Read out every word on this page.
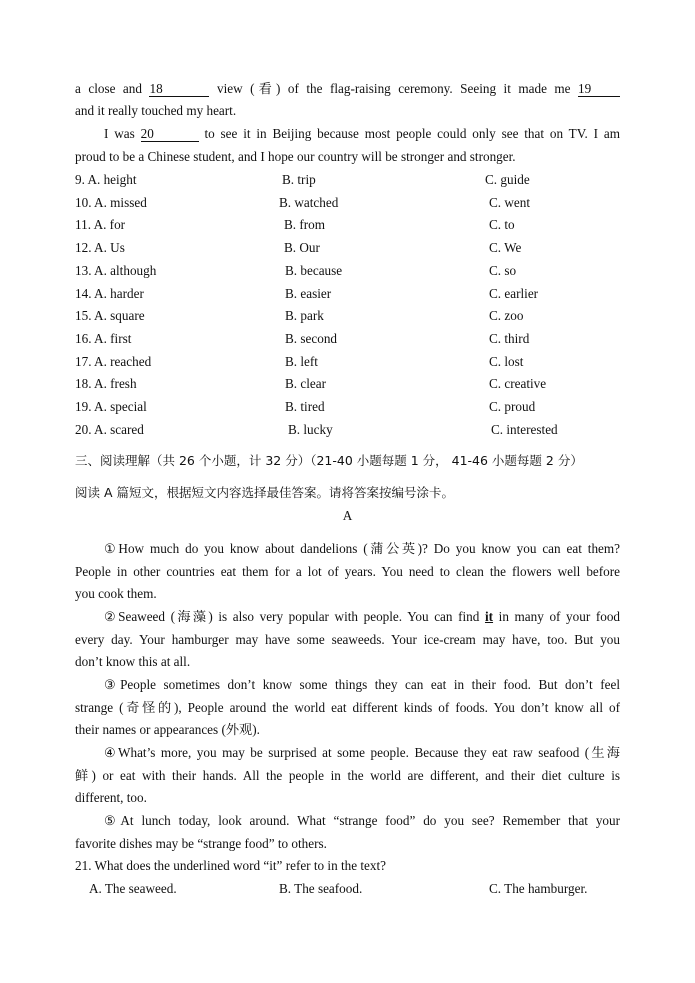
a close and 18	view (看) of the flag-raising ceremony. Seeing it made me 19
and it really touched my heart.
I was 20	to see it in Beijing because most people could only see that on TV. I am
proud to be a Chinese student, and I hope our country will be stronger and stronger.
9. A. height	B. trip	C. guide
10. A. missed	B. watched	C. went
11. A. for	B. from	C. to
12. A. Us	B. Our	C. We
13. A. although	B. because	C. so
14. A. harder	B. easier	C. earlier
15. A. square	B. park	C. zoo
16. A. first	B. second	C. third
17. A. reached	B. left	C. lost
18. A. fresh	B. clear	C. creative
19. A. special	B. tired	C. proud
20. A. scared	B. lucky	C. interested
三、阅读理解（共 26 个小题，计 32 分）（21-40 小题每题 1 分， 41-46 小题每题 2 分）
阅读 A 篇短文，根据短文内容选择最佳答案。请将答案按编号涂卡。
A
①How much do you know about dandelions (蒲公英)? Do you know you can eat them?
People in other countries eat them for a lot of years. You need to clean the flowers well before
you cook them.
②Seaweed (海藻) is also very popular with people. You can find it in many of your food
every day. Your hamburger may have some seaweeds. Your ice-cream may have, too. But you
don’t know this at all.
③People sometimes don’t know some things they can eat in their food. But don’t feel
strange (奇怪的), People around the world eat different kinds of foods. You don’t know all of
their names or appearances (外观).
④What’s more, you may be surprised at some people. Because they eat raw seafood (生海
鲜) or eat with their hands. All the people in the world are different, and their diet culture is
different, too.
⑤At lunch today, look around. What “strange food” do you see? Remember that your
favorite dishes may be “strange food” to others.
21. What does the underlined word “it” refer to in the text?
A. The seaweed.	B. The seafood.	C. The hamburger.
